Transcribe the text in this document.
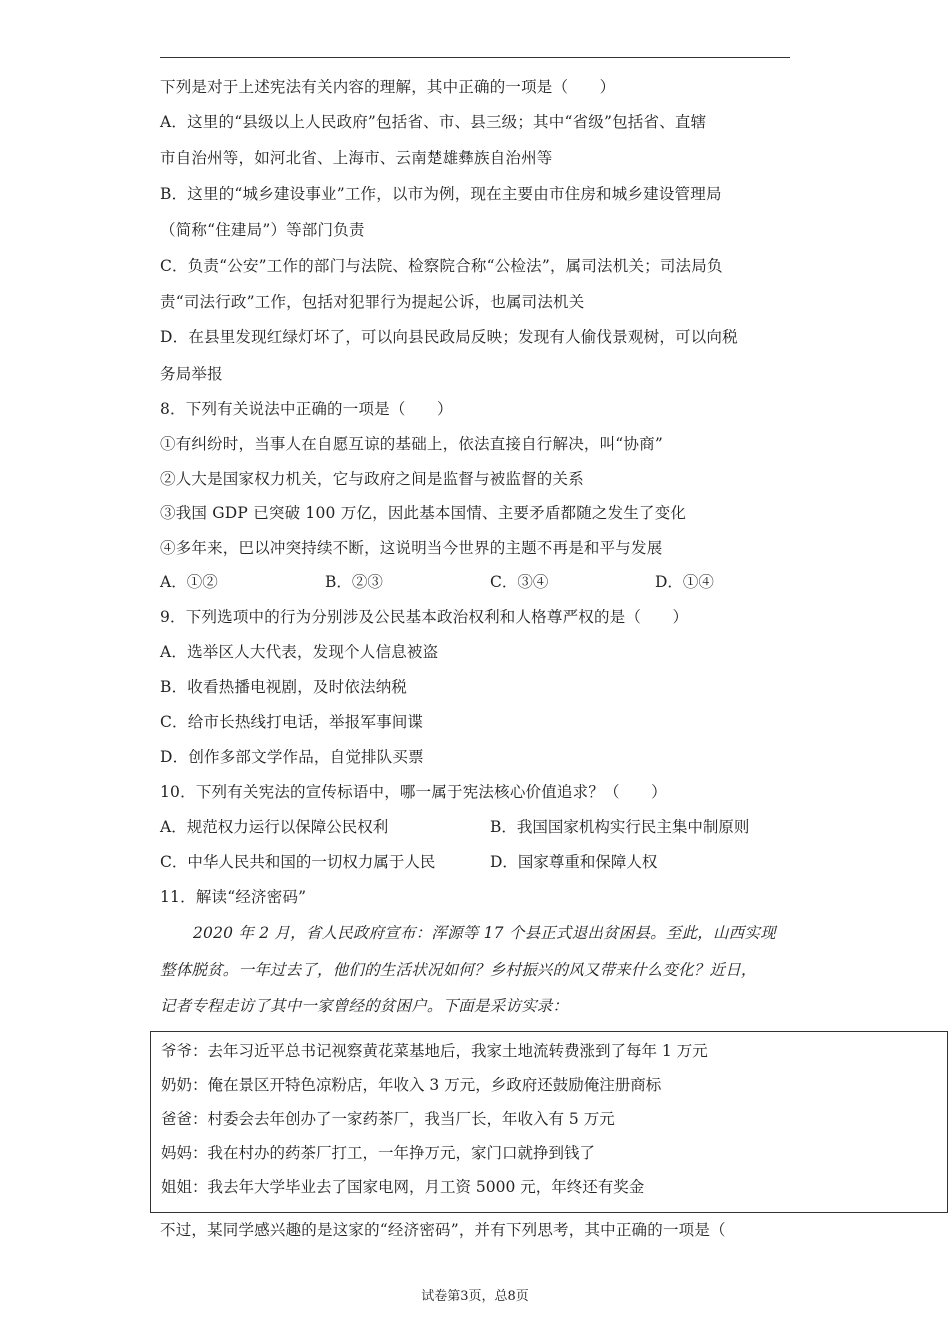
下列是对于上述宪法有关内容的理解，其中正确的一项是（　　）
A．这里的“县级以上人民政府”包括省、市、县三级；其中“省级”包括省、直辖
市自治州等，如河北省、上海市、云南楚雄彝族自治州等
B．这里的“城乡建设事业”工作，以市为例，现在主要由市住房和城乡建设管理局
（简称“住建局”）等部门负责
C．负责“公安”工作的部门与法院、检察院合称“公检法”，属司法机关；司法局负
责“司法行政”工作，包括对犯罪行为提起公诉，也属司法机关
D．在县里发现红绿灯坏了，可以向县民政局反映；发现有人偷伐景观树，可以向税
务局举报
8．下列有关说法中正确的一项是（　　）
①有纠纷时，当事人在自愿互谅的基础上，依法直接自行解决，叫“协商”
②人大是国家权力机关，它与政府之间是监督与被监督的关系
③我国 GDP 已突破 100 万亿，因此基本国情、主要矛盾都随之发生了变化
④多年来，巴以冲突持续不断，这说明当今世界的主题不再是和平与发展
A．①②	B．②③	C．③④	D．①④
9．下列选项中的行为分别涉及公民基本政治权利和人格尊严权的是（　　）
A．选举区人大代表，发现个人信息被盗
B．收看热播电视剧，及时依法纳税
C．给市长热线打电话，举报军事间谍
D．创作多部文学作品，自觉排队买票
10．下列有关宪法的宣传标语中，哪一属于宪法核心价值追求？（　　）
A．规范权力运行以保障公民权利	B．我国国家机构实行民主集中制原则
C．中华人民共和国的一切权力属于人民	D．国家尊重和保障人权
11．解读“经济密码”
2020 年 2 月，省人民政府宣布：浑源等 17 个县正式退出贫困县。至此，山西实现
整体脱贫。一年过去了，他们的生活状况如何？乡村振兴的风又带来什么变化？近日，
记者专程走访了其中一家曾经的贫困户。下面是采访实录：
爷爷：去年习近平总书记视察黄花菜基地后，我家土地流转费涨到了每年 1 万元
奶奶：俺在景区开特色凉粉店，年收入 3 万元，乡政府还鼓励俺注册商标
爸爸：村委会去年创办了一家药茶厂，我当厂长，年收入有 5 万元
妈妈：我在村办的药茶厂打工，一年挣万元，家门口就挣到钱了
姐姐：我去年大学毕业去了国家电网，月工资 5000 元，年终还有奖金
不过，某同学感兴趣的是这家的“经济密码”，并有下列思考，其中正确的一项是（
试卷第3页，总8页
